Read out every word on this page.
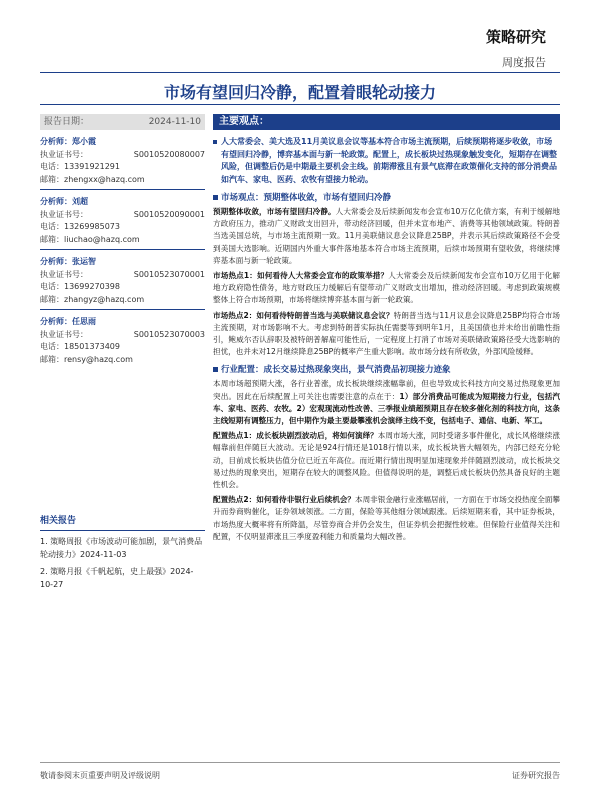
策略研究
周度报告
市场有望回归冷静，配置着眼轮动接力
报告日期：	2024-11-10
分析师：郑小霞
执业证书号：	S0010520080007
电话：13391921291
邮箱：zhengxx@hazq.com
分析师：刘超
执业证书号：	S0010520090001
电话：13269985073
邮箱：liuchao@hazq.com
分析师：张运智
执业证书号：	S0010523070001
电话：13699270398
邮箱：zhangyz@hazq.com
分析师：任思雨
执业证书号：	S0010523070003
电话：18501373409
邮箱：rensy@hazq.com
相关报告
1. 策略周报《市场波动可能加剧，景气消费品轮动接力》2024-11-03
2. 策略月报《千帆起航，史上最强》2024-10-27
主要观点：
人大常委会、美大选及11月美议息会议等基本符合市场主流预期，后续预期将逐步收敛，市场有望回归冷静，博弈基本面与新一轮政策。配置上，成长板块过热现象触发变化，短期存在调整风险，但调整后仍是中期最主要机会主线。前期滞涨且有景气底滞在政策催化支持的部分消费品如汽车、家电、医药、农牧有望接力轮动。
市场观点：预期整体收敛，市场有望回归冷静
预期整体收敛，市场有望回归冷静。人大常委会及后续新闻发布会宣布10万亿化债方案，有利于缓解地方政府压力，推动广义财政支出回升，带动经济回暖，但并未宣布地产、消费等其他领域政策。特朗普当选美国总统，与市场主流预期一致。11月美联储议息会议降息25BP，并表示其后续政策路径不会受到美国大选影响。近期国内外重大事件落地基本符合市场主流预期，后续市场预期有望收敛，将继续博弈基本面与新一轮政策。
市场热点1：如何看待人大常委会宣布的政策举措？人大常委会及后续新闻发布会宣布10万亿用于化解地方政府隐性债务，地方财政压力缓解后有望带动广义财政支出增加，推动经济回暖。考虑到政策规模整体上符合市场预期，市场将继续博弈基本面与新一轮政策。
市场热点2：如何看待特朗普当选与美联储议息会议？特朗普当选与11月议息会议降息25BP均符合市场主流预期，对市场影响不大。考虑到特朗普实际执任需要等到明年1月，且美国债也并未给出前瞻性指引，鲍威尔否认辞职及被特朗普解雇可能性后，一定程度上打消了市场对美联储政策路径受大选影响的担忧，也并未对12月继续降息25BP的概率产生重大影响。故市场分歧有所收敛，外部风险缓释。
行业配置：成长交易过热现象突出，景气消费品初现接力迹象
本周市场超预期大涨，各行业普涨，成长板块继续涨幅靠前，但也导致成长科技方向交易过热现象更加突出。因此在后续配置上可关注也需要注意的点在于：1）部分消费品可能成为短期接力行业，包括汽车、家电、医药、农牧。2）宏观现流动性改善、三季报业绩超预期且存在较多催化剂的科技方向，这条主线短期有调整压力，但中期作为最主要最攀涨机会演绎主线不变，包括电子、通信、电新、军工。
配置热点1：成长板块剧烈波动后，将如何演绎？本周市场大涨，同时受诸多事件催化，成长风格继续涨幅靠前但伴随巨大波动。无论是924行情还是1018行情以来，成长板块皆大幅领先，内部已经充分轮动，目前成长板块估值分位已近五年高位。而近期行情出现明显加速现象并伴随剧烈波动，成长板块交易过热的现象突出，短期存在较大的调整风险。但值得说明的是，调整后成长板块仍然具备良好的主题性机会。
配置热点2：如何看待非银行业后续机会？本周非银金融行业涨幅居前，一方面在于市场交投热度全面攀升而券商购催化，证券领域领涨。二方面，保险等其他细分领域跟涨。后续短期来看，其中证券板块，市场热度大概率将有所降温，尽管券商合并仍会发生，但证券机会把握性较难。但保险行业值得关注和配置，不仅明显滞涨且三季度盈利能力和质量均大幅改善。
敬请参阅末页重要声明及评级说明	证券研究报告
